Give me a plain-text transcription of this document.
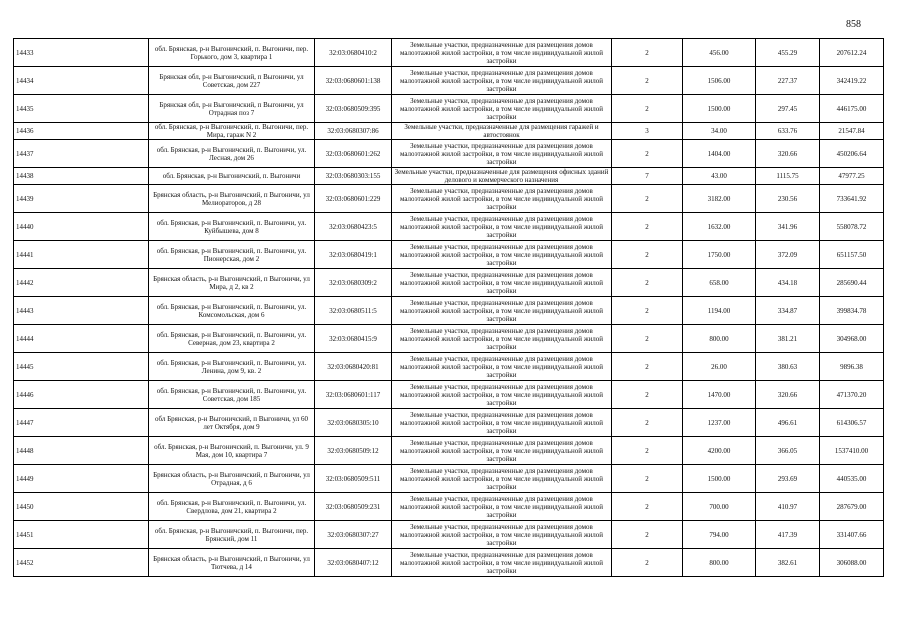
858
14433	обл. Брянская, р-н Выгоничский, п. Выгоничи, пер. Горького, дом 3, квартира 1	32:03:0680410:2	Земельные участки, предназначенные для размещения домов малоэтажной жилой застройки, в том числе индивидуальной жилой застройки	2	456.00	455.29	207612.24
14434	Брянская обл, р-н Выгоничский, п Выгоничи, ул Советская, дом 227	32:03:0680601:138	Земельные участки, предназначенные для размещения домов малоэтажной жилой застройки, в том числе индивидуальной жилой застройки	2	1506.00	227.37	342419.22
14435	Брянская обл, р-н Выгоничский, п Выгоничи, ул Отрадная поз 7	32:03:0680509:395	Земельные участки, предназначенные для размещения домов малоэтажной жилой застройки, в том числе индивидуальной жилой застройки	2	1500.00	297.45	446175.00
14436	обл. Брянская, р-н Выгоничский, п. Выгоничи, пер. Мира, гараж N 2	32:03:0680307:86	Земельные участки, предназначенные для размещения гаражей и автостоянок	3	34.00	633.76	21547.84
14437	обл. Брянская, р-н Выгоничский, п. Выгоничи, ул. Лесная, дом 26	32:03:0680601:262	Земельные участки, предназначенные для размещения домов малоэтажной жилой застройки, в том числе индивидуальной жилой застройки	2	1404.00	320.66	450206.64
14438	обл. Брянская, р-н Выгоничский, п. Выгоничи	32:03:0680303:155	Земельные участки, предназначенные для размещения офисных зданий делового и коммерческого назначения	7	43.00	1115.75	47977.25
14439	Брянская область, р-н Выгоничский, п Выгоничи, ул Мелиораторов, д 28	32:03:0680601:229	Земельные участки, предназначенные для размещения домов малоэтажной жилой застройки, в том числе индивидуальной жилой застройки	2	3182.00	230.56	733641.92
14440	обл. Брянская, р-н Выгоничский, п. Выгоничи, ул. Куйбышева, дом 8	32:03:0680423:5	Земельные участки, предназначенные для размещения домов малоэтажной жилой застройки, в том числе индивидуальной жилой застройки	2	1632.00	341.96	558078.72
14441	обл. Брянская, р-н Выгоничский, п. Выгоничи, ул. Пионерская, дом 2	32:03:0680419:1	Земельные участки, предназначенные для размещения домов малоэтажной жилой застройки, в том числе индивидуальной жилой застройки	2	1750.00	372.09	651157.50
14442	Брянская область, р-н Выгоничский, п Выгоничи, ул Мира, д 2, кв 2	32:03:0680309:2	Земельные участки, предназначенные для размещения домов малоэтажной жилой застройки, в том числе индивидуальной жилой застройки	2	658.00	434.18	285690.44
14443	обл. Брянская, р-н Выгоничский, п. Выгоничи, ул. Комсомольская, дом 6	32:03:0680511:5	Земельные участки, предназначенные для размещения домов малоэтажной жилой застройки, в том числе индивидуальной жилой застройки	2	1194.00	334.87	399834.78
14444	обл. Брянская, р-н Выгоничский, п. Выгоничи, ул. Северная, дом 23, квартира 2	32:03:0680415:9	Земельные участки, предназначенные для размещения домов малоэтажной жилой застройки, в том числе индивидуальной жилой застройки	2	800.00	381.21	304968.00
14445	обл. Брянская, р-н Выгоничский, п. Выгоничи, ул. Ленина, дом 9, кв. 2	32:03:0680420:81	Земельные участки, предназначенные для размещения домов малоэтажной жилой застройки, в том числе индивидуальной жилой застройки	2	26.00	380.63	9896.38
14446	обл. Брянская, р-н Выгоничский, п. Выгоничи, ул. Советская, дом 185	32:03:0680601:117	Земельные участки, предназначенные для размещения домов малоэтажной жилой застройки, в том числе индивидуальной жилой застройки	2	1470.00	320.66	471370.20
14447	обл Брянская, р-н Выгоничский, п Выгоничи, ул 60 лет Октября, дом 9	32:03:0680305:10	Земельные участки, предназначенные для размещения домов малоэтажной жилой застройки, в том числе индивидуальной жилой застройки	2	1237.00	496.61	614306.57
14448	обл. Брянская, р-н Выгоничский, п. Выгоничи, ул. 9 Мая, дом 10, квартира 7	32:03:0680509:12	Земельные участки, предназначенные для размещения домов малоэтажной жилой застройки, в том числе индивидуальной жилой застройки	2	4200.00	366.05	1537410.00
14449	Брянская область, р-н Выгоничский, п Выгоничи, ул Отрадная, д 6	32:03:0680509:511	Земельные участки, предназначенные для размещения домов малоэтажной жилой застройки, в том числе индивидуальной жилой застройки	2	1500.00	293.69	440535.00
14450	обл. Брянская, р-н Выгоничский, п. Выгоничи, ул. Свердлова, дом 21, квартира 2	32:03:0680509:231	Земельные участки, предназначенные для размещения домов малоэтажной жилой застройки, в том числе индивидуальной жилой застройки	2	700.00	410.97	287679.00
14451	обл. Брянская, р-н Выгоничский, п. Выгоничи, пер. Брянский, дом 11	32:03:0680307:27	Земельные участки, предназначенные для размещения домов малоэтажной жилой застройки, в том числе индивидуальной жилой застройки	2	794.00	417.39	331407.66
14452	Брянская область, р-н Выгоничский, п Выгоничи, ул Тютчева, д 14	32:03:0680407:12	Земельные участки, предназначенные для размещения домов малоэтажной жилой застройки, в том числе индивидуальной жилой застройки	2	800.00	382.61	306088.00
